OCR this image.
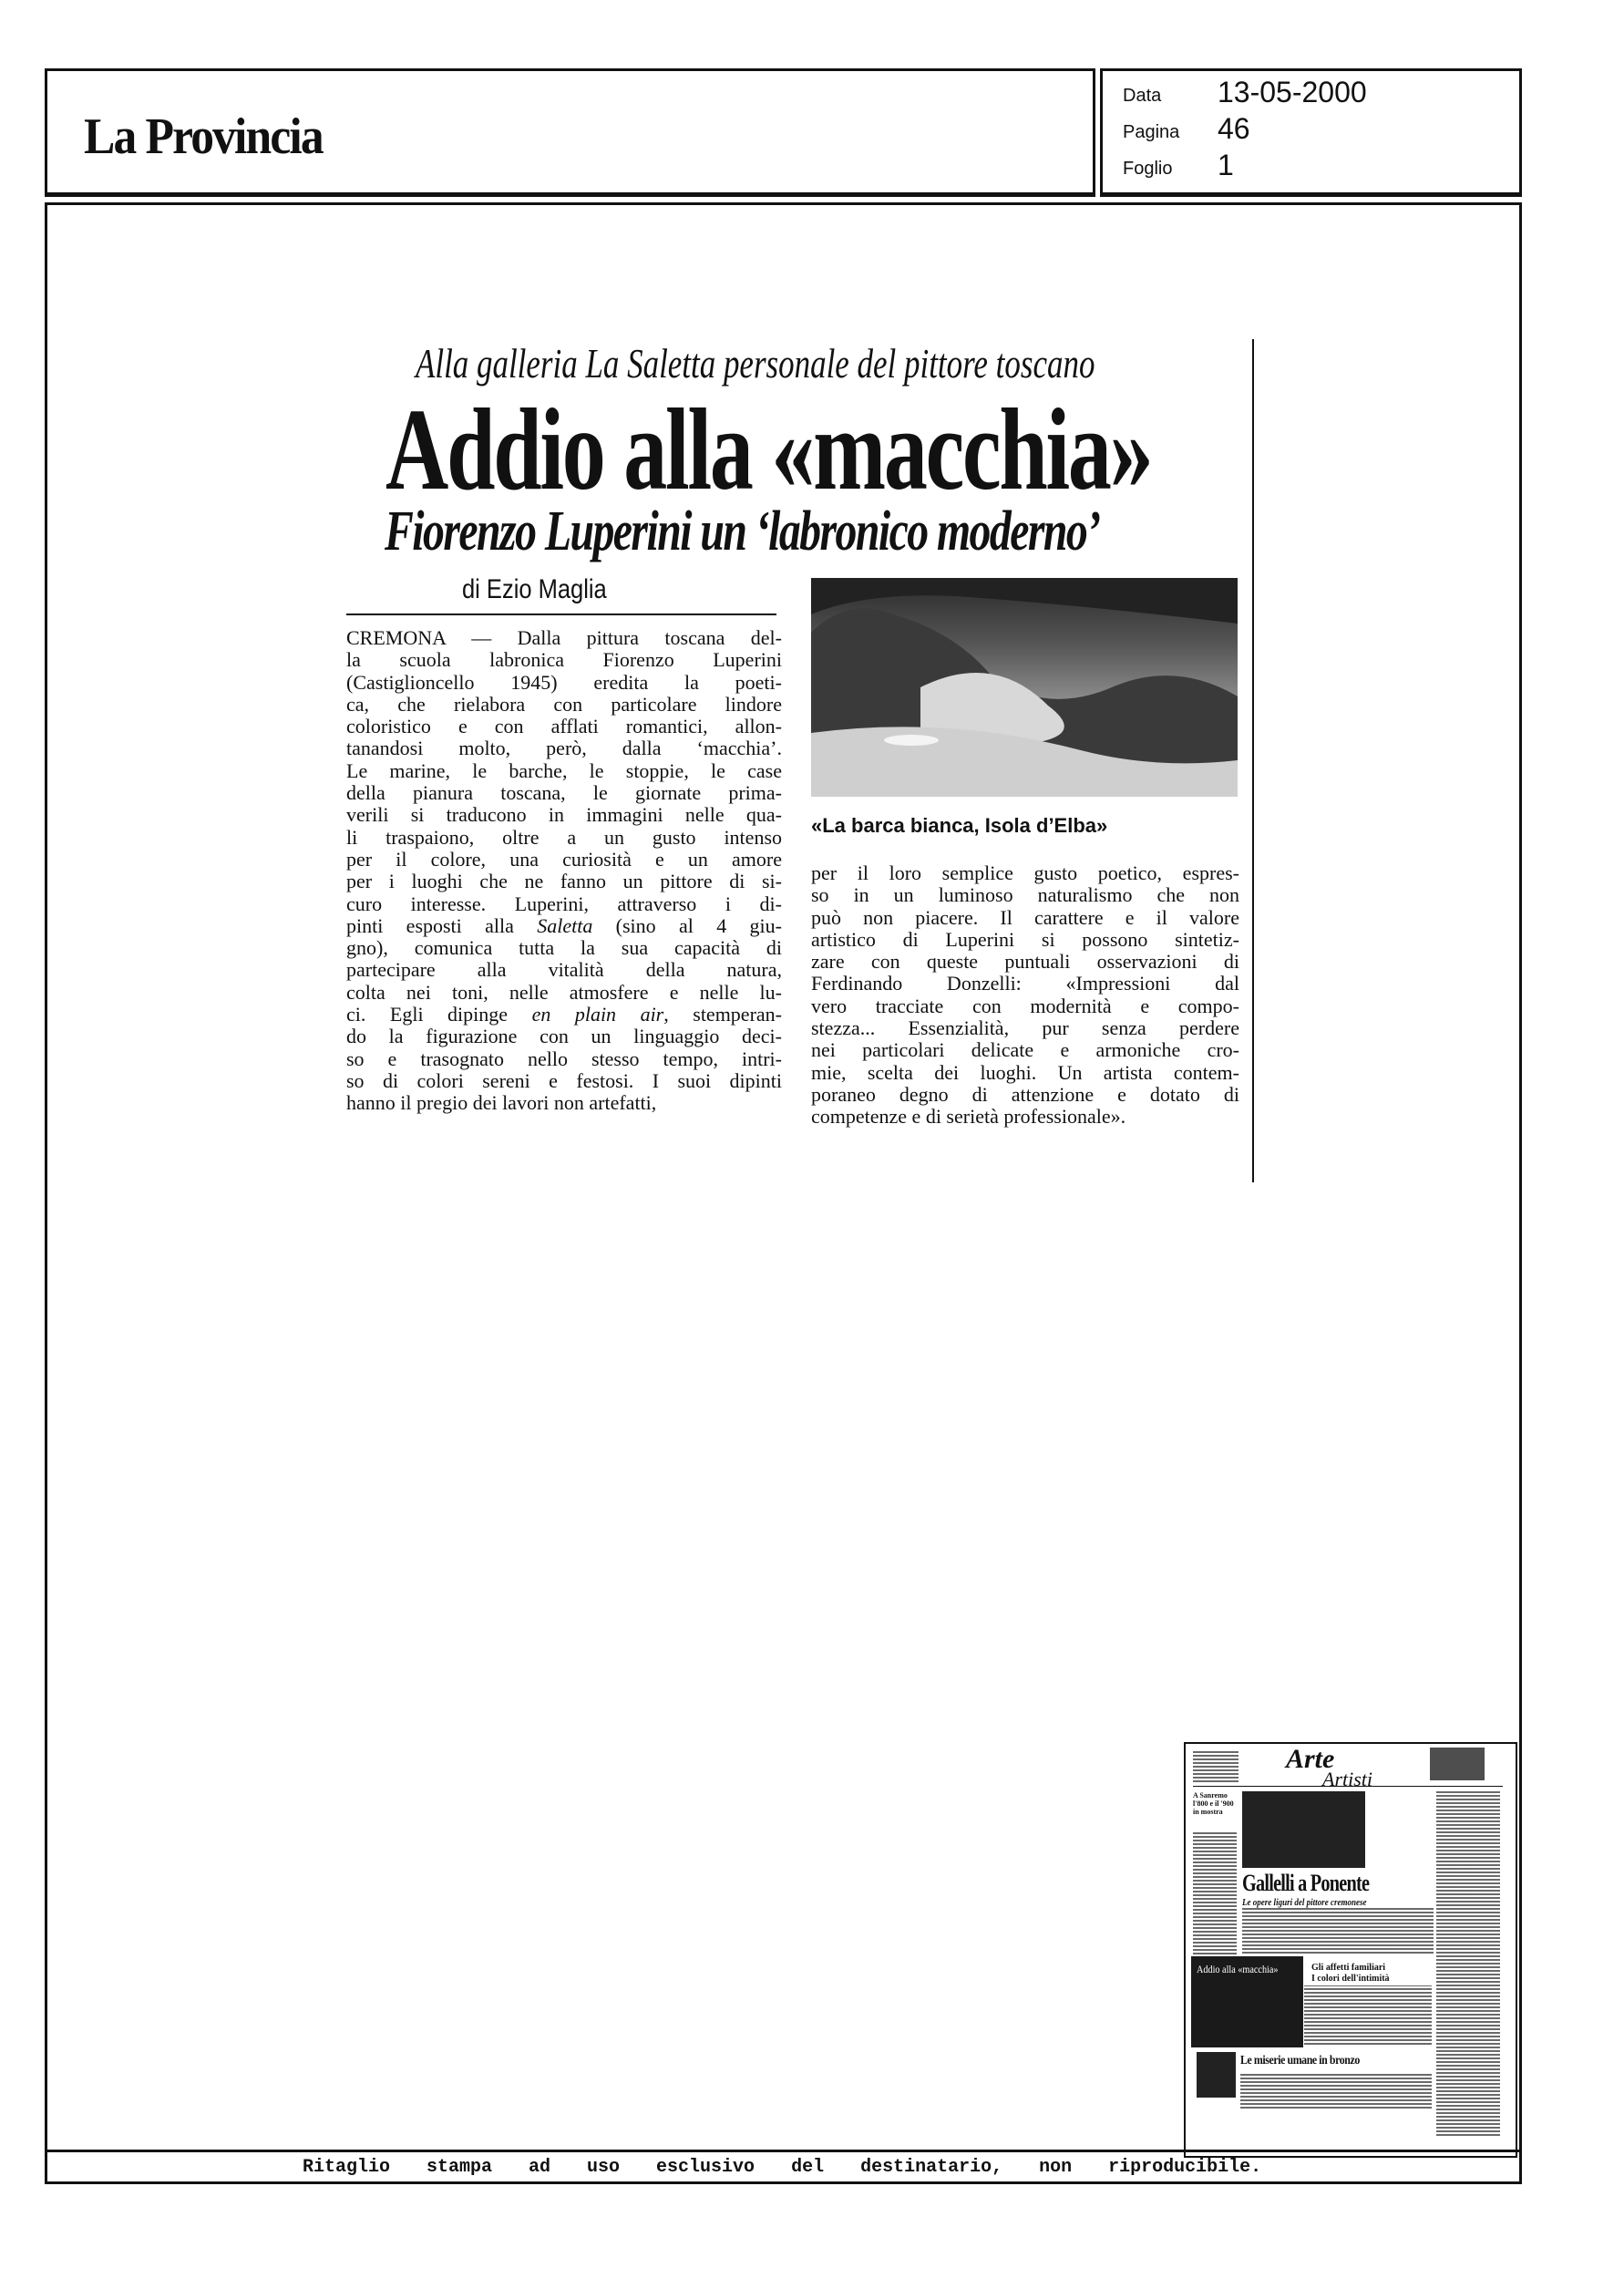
La Provincia
Data 13-05-2000
Pagina 46
Foglio 1
Alla galleria La Saletta personale del pittore toscano
Addio alla «macchia»
Fiorenzo Luperini un ‘labronico moderno’
di Ezio Maglia
CREMONA — Dalla pittura toscana del-
la scuola labronica Fiorenzo Luperini
(Castiglioncello 1945) eredita la poeti-
ca, che rielabora con particolare lindore
coloristico e con afflati romantici, allon-
tanandosi molto, però, dalla ‘macchia’.
Le marine, le barche, le stoppie, le case
della pianura toscana, le giornate prima-
verili si traducono in immagini nelle qua-
li traspaiono, oltre a un gusto intenso
per il colore, una curiosità e un amore
per i luoghi che ne fanno un pittore di si-
curo interesse. Luperini, attraverso i di-
pinti esposti alla Saletta (sino al 4 giu-
gno), comunica tutta la sua capacità di
partecipare alla vitalità della natura,
colta nei toni, nelle atmosfere e nelle lu-
ci. Egli dipinge en plain air, stemperan-
do la figurazione con un linguaggio deci-
so e trasognato nello stesso tempo, intri-
so di colori sereni e festosi. I suoi dipinti
hanno il pregio dei lavori non artefatti,
«La barca bianca, Isola d’Elba»
per il loro semplice gusto poetico, espres-
so in un luminoso naturalismo che non
può non piacere. Il carattere e il valore
artistico di Luperini si possono sintetiz-
zare con queste puntuali osservazioni di
Ferdinando Donzelli: «Impressioni dal
vero tracciate con modernità e compo-
stezza... Essenzialità, pur senza perdere
nei particolari delicate e armoniche cro-
mie, scelta dei luoghi. Un artista contem-
poraneo degno di attenzione e dotato di
competenze e di serietà professionale».
Arte
Artisti
A Sanremo l'800 e il '900 in mostra
Gallelli a Ponente
Le opere liguri del pittore cremonese
Addio alla «macchia»	Gli affetti familiari
I colori dell'intimità
Le miserie umane in bronzo
Ritaglio stampa ad uso esclusivo del destinatario, non riproducibile.
